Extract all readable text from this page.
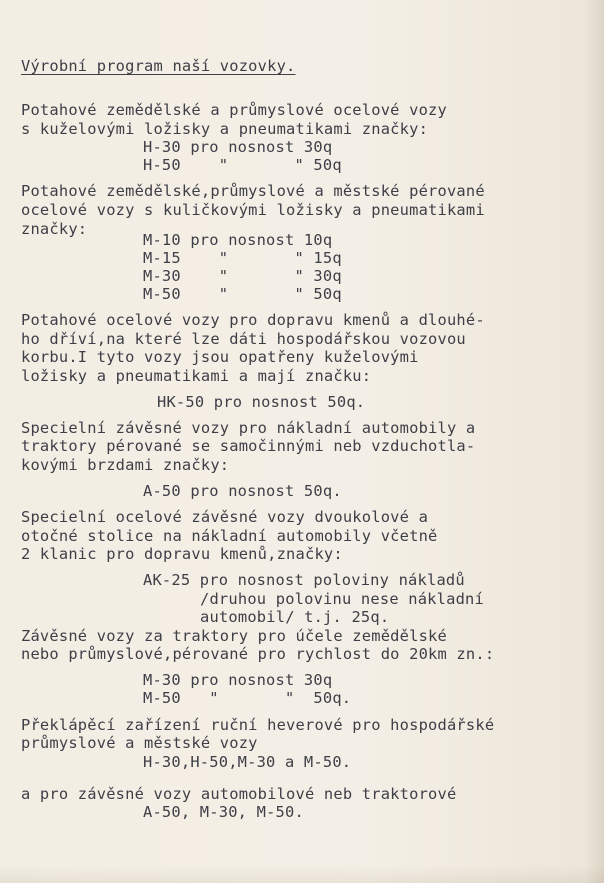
Výrobní program naší vozovky.
Potahové zemědělské a průmyslové ocelové vozy
s kuželovými ložisky a pneumatikami značky:
H-30 pro nosnost 30q
H-50    "       " 50q
Potahové zemědělské,průmyslové a městské pérované
ocelové vozy s kuličkovými ložisky a pneumatikami
značky:
M-10 pro nosnost 10q
M-15    "       " 15q
M-30    "       " 30q
M-50    "       " 50q
Potahové ocelové vozy pro dopravu kmenů a dlouhé-
ho dříví,na které lze dáti hospodářskou vozovou
korbu.I tyto vozy jsou opatřeny kuželovými
ložisky a pneumatikami a mají značku:
HK-50 pro nosnost 50q.
Specielní závěsné vozy pro nákladní automobily a
traktory pérované se samočinnými neb vzduchotla-
kovými brzdami značky:
A-50 pro nosnost 50q.
Specielní ocelové závěsné vozy dvoukolové a
otočné stolice na nákladní automobily včetně
2 klanic pro dopravu kmenů,značky:
AK-25 pro nosnost poloviny nákladů
/druhou polovinu nese nákladní
automobil/ t.j. 25q.
Závěsné vozy za traktory pro účele zemědělské
nebo průmyslové,pérované pro rychlost do 20km zn.:
M-30 pro nosnost 30q
M-50   "       "  50q.
Překlápěcí zařízení ruční heverové pro hospodářské
průmyslové a městské vozy
H-30,H-50,M-30 a M-50.
a pro závěsné vozy automobilové neb traktorové
A-50, M-30, M-50.
